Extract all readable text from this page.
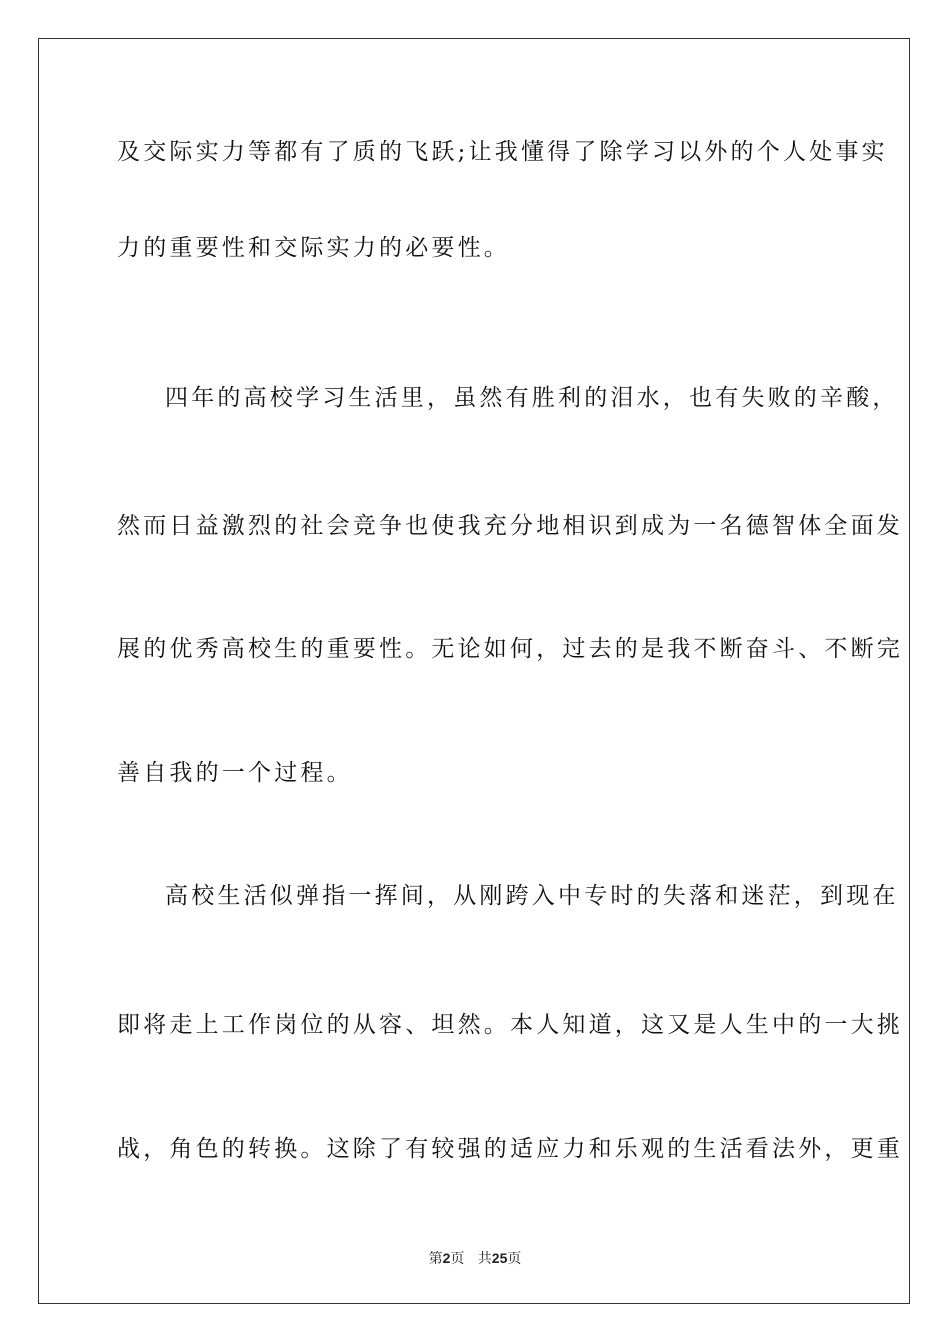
及交际实力等都有了质的飞跃;让我懂得了除学习以外的个人处事实

力的重要性和交际实力的必要性。

四年的高校学习生活里，虽然有胜利的泪水，也有失败的辛酸，

然而日益激烈的社会竞争也使我充分地相识到成为一名德智体全面发

展的优秀高校生的重要性。无论如何，过去的是我不断奋斗、不断完

善自我的一个过程。

高校生活似弹指一挥间，从刚跨入中专时的失落和迷茫，到现在

即将走上工作岗位的从容、坦然。本人知道，这又是人生中的一大挑

战，角色的转换。这除了有较强的适应力和乐观的生活看法外，更重

第2页 共25页
